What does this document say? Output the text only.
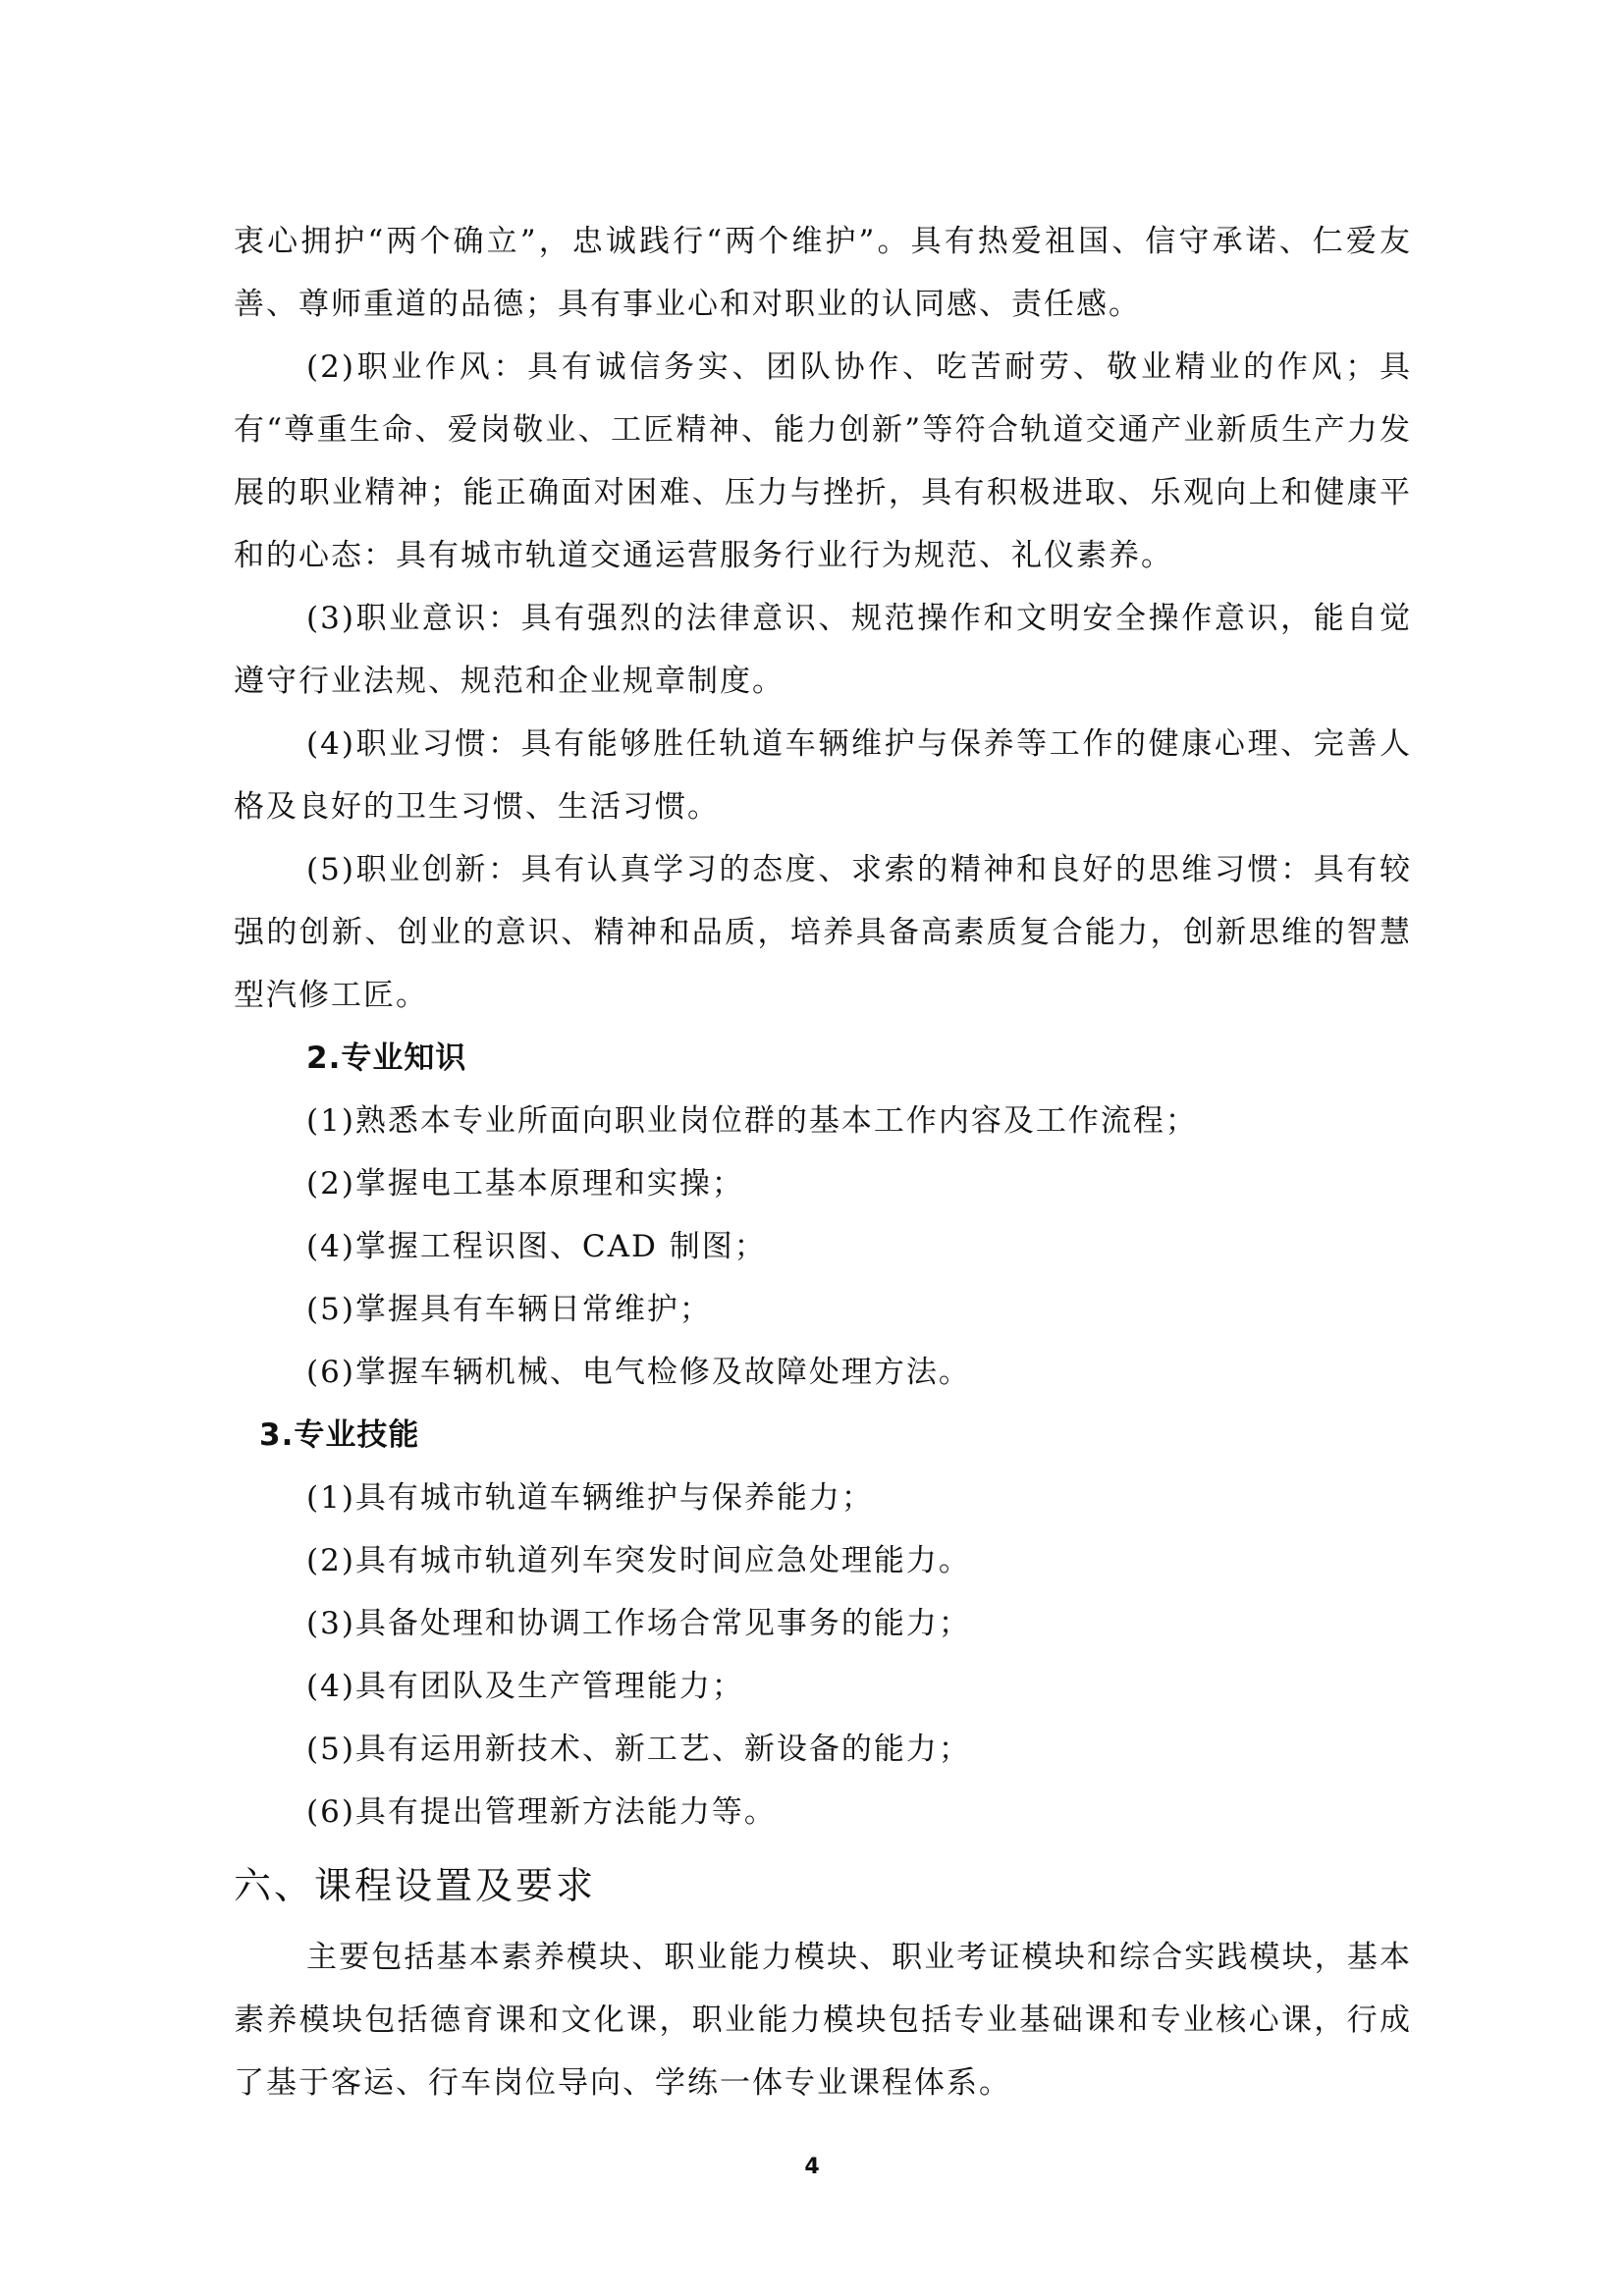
衷心拥护“两个确立”，忠诚践行“两个维护”。具有热爱祖国、信守承诺、仁爱友善、尊师重道的品德；具有事业心和对职业的认同感、责任感。

(2)职业作风：具有诚信务实、团队协作、吃苦耐劳、敬业精业的作风；具有“尊重生命、爱岗敬业、工匠精神、能力创新”等符合轨道交通产业新质生产力发展的职业精神；能正确面对困难、压力与挫折，具有积极进取、乐观向上和健康平和的心态：具有城市轨道交通运营服务行业行为规范、礼仪素养。

(3)职业意识：具有强烈的法律意识、规范操作和文明安全操作意识，能自觉遵守行业法规、规范和企业规章制度。

(4)职业习惯：具有能够胜任轨道车辆维护与保养等工作的健康心理、完善人格及良好的卫生习惯、生活习惯。

(5)职业创新：具有认真学习的态度、求索的精神和良好的思维习惯：具有较强的创新、创业的意识、精神和品质，培养具备高素质复合能力，创新思维的智慧型汽修工匠。

2.专业知识
(1)熟悉本专业所面向职业岗位群的基本工作内容及工作流程；
(2)掌握电工基本原理和实操；
(4)掌握工程识图、CAD 制图；
(5)掌握具有车辆日常维护；
(6)掌握车辆机械、电气检修及故障处理方法。
3.专业技能
(1)具有城市轨道车辆维护与保养能力；
(2)具有城市轨道列车突发时间应急处理能力。
(3)具备处理和协调工作场合常见事务的能力；
(4)具有团队及生产管理能力；
(5)具有运用新技术、新工艺、新设备的能力；
(6)具有提出管理新方法能力等。
六、课程设置及要求

主要包括基本素养模块、职业能力模块、职业考证模块和综合实践模块，基本素养模块包括德育课和文化课，职业能力模块包括专业基础课和专业核心课，行成了基于客运、行车岗位导向、学练一体专业课程体系。

4
